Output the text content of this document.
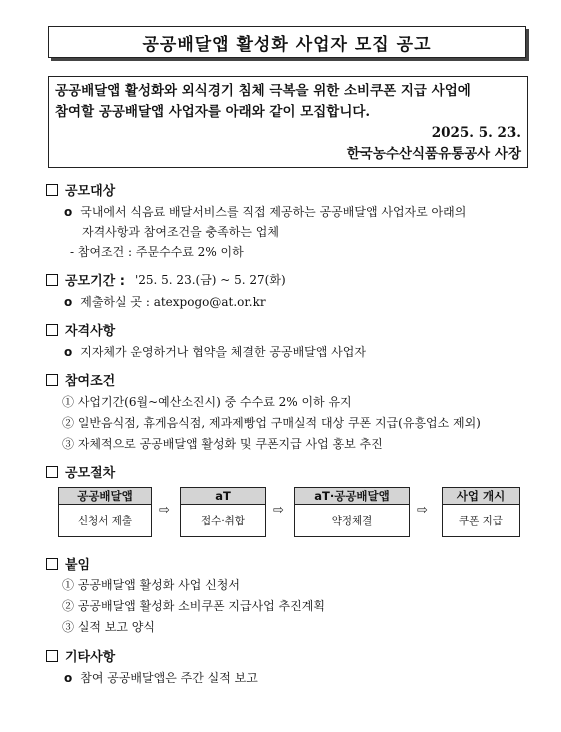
공공배달앱 활성화 사업자 모집 공고
공공배달앱 활성화와 외식경기 침체 극복을 위한 소비쿠폰 지급 사업에
참여할 공공배달앱 사업자를 아래와 같이 모집합니다.
2025. 5. 23.
한국농수산식품유통공사 사장
공모대상
o 국내에서 식음료 배달서비스를 직접 제공하는 공공배달앱 사업자로 아래의
자격사항과 참여조건을 충족하는 업체
- 참여조건 : 주문수수료 2% 이하
공모기간 : '25. 5. 23.(금) ~ 5. 27(화)
o 제출하실 곳 : atexpogo@at.or.kr
자격사항
o 지자체가 운영하거나 협약을 체결한 공공배달앱 사업자
참여조건
① 사업기간(6월~예산소진시) 중 수수료 2% 이하 유지
② 일반음식점, 휴게음식점, 제과제빵업 구매실적 대상 쿠폰 지급(유흥업소 제외)
③ 자체적으로 공공배달앱 활성화 및 쿠폰지급 사업 홍보 추진
공모절차
공공배달앱
신청서 제출
⇨
aT
접수·취합
⇨
aT·공공배달앱
약정체결
⇨
사업 개시
쿠폰 지급
붙임
① 공공배달앱 활성화 사업 신청서
② 공공배달앱 활성화 소비쿠폰 지급사업 추진계획
③ 실적 보고 양식
기타사항
o 참여 공공배달앱은 주간 실적 보고
